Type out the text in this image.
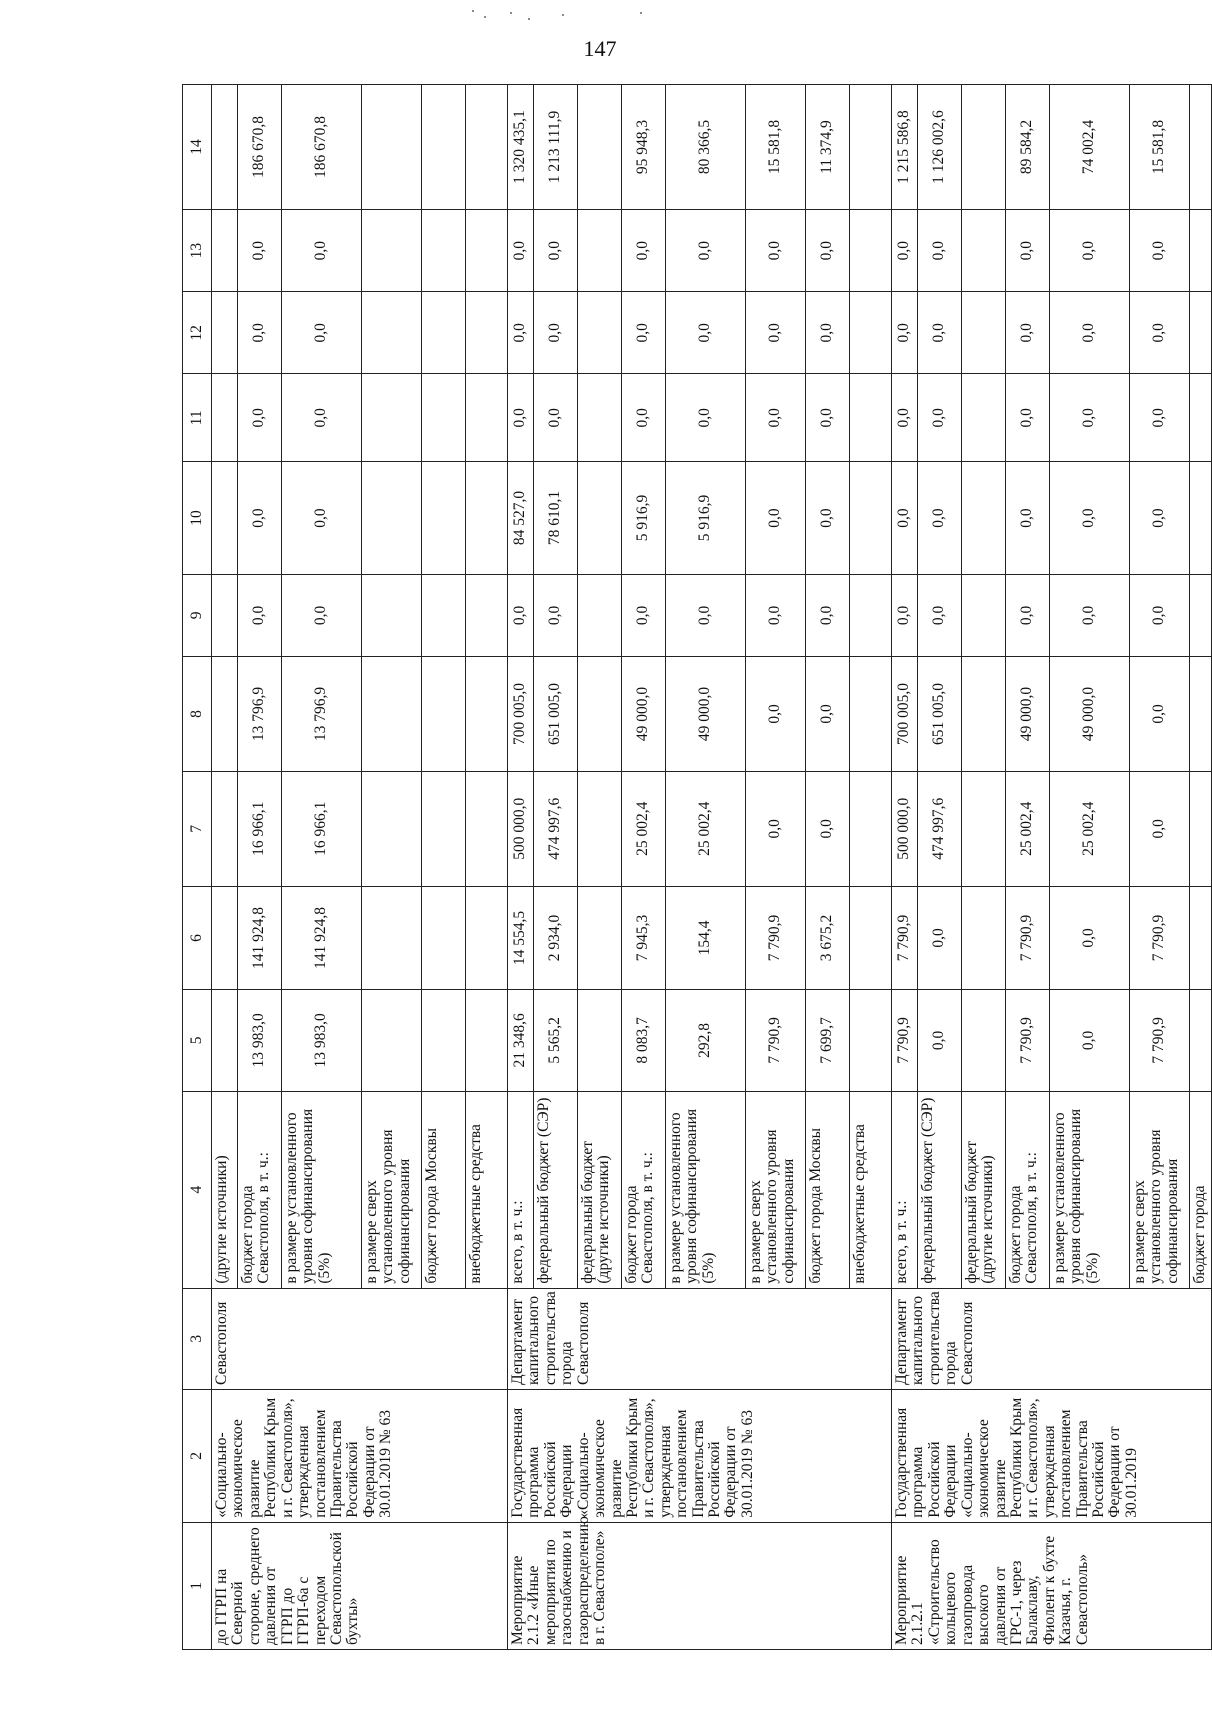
147
1	2	3	4	5	6	7	8	9	10	11	12	13	14
до ГГРП на Северной стороне, среднего давления от ГГРП до ГГРП-6а с переходом Севастопольской бухты»	«Социально-экономическое развитие Республики Крым и г. Севастополя», утвержденная постановлением Правительства Российской Федерации от 30.01.2019 № 63	Севастополя	(другие источники)										
			бюджет города Севастополя, в т. ч.:	13 983,0	141 924,8	16 966,1	13 796,9	0,0	0,0	0,0	0,0	0,0	186 670,8
			в размере установленного уровня софинансирования (5%)	13 983,0	141 924,8	16 966,1	13 796,9	0,0	0,0	0,0	0,0	0,0	186 670,8
			в размере сверх установленного уровня софинансирования										
			бюджет города Москвы										
			внебюджетные средства										
Мероприятие 2.1.2 «Иные мероприятия по газоснабжению и газораспределению в г. Севастополе»	Государственная программа Российской Федерации «Социально-экономическое развитие Республики Крым и г. Севастополя», утвержденная постановлением Правительства Российской Федерации от 30.01.2019 № 63	Департамент капитального строительства города Севастополя	всего, в т. ч.:	21 348,6	14 554,5	500 000,0	700 005,0	0,0	84 527,0	0,0	0,0	0,0	1 320 435,1
			федеральный бюджет (СЭР)	5 565,2	2 934,0	474 997,6	651 005,0	0,0	78 610,1	0,0	0,0	0,0	1 213 111,9
			федеральный бюджет (другие источники)										
			бюджет города Севастополя, в т. ч.:	8 083,7	7 945,3	25 002,4	49 000,0	0,0	5 916,9	0,0	0,0	0,0	95 948,3
			в размере установленного уровня софинансирования (5%)	292,8	154,4	25 002,4	49 000,0	0,0	5 916,9	0,0	0,0	0,0	80 366,5
			в размере сверх установленного уровня софинансирования	7 790,9	7 790,9	0,0	0,0	0,0	0,0	0,0	0,0	0,0	15 581,8
			бюджет города Москвы	7 699,7	3 675,2	0,0	0,0	0,0	0,0	0,0	0,0	0,0	11 374,9
			внебюджетные средства										
Мероприятие 2.1.2.1 «Строительство кольцевого газопровода высокого давления от ГРС-1, через Балаклаву, Фиолент к бухте Казачья, г. Севастополь»	Государственная программа Российской Федерации «Социально-экономическое развитие Республики Крым и г. Севастополя», утвержденная постановлением Правительства Российской Федерации от 30.01.2019	Департамент капитального строительства города Севастополя	всего, в т. ч.:	7 790,9	7 790,9	500 000,0	700 005,0	0,0	0,0	0,0	0,0	0,0	1 215 586,8
			федеральный бюджет (СЭР)	0,0	0,0	474 997,6	651 005,0	0,0	0,0	0,0	0,0	0,0	1 126 002,6
			федеральный бюджет (другие источники)										
			бюджет города Севастополя, в т. ч.:	7 790,9	7 790,9	25 002,4	49 000,0	0,0	0,0	0,0	0,0	0,0	89 584,2
			в размере установленного уровня софинансирования (5%)	0,0	0,0	25 002,4	49 000,0	0,0	0,0	0,0	0,0	0,0	74 002,4
			в размере сверх установленного уровня софинансирования	7 790,9	7 790,9	0,0	0,0	0,0	0,0	0,0	0,0	0,0	15 581,8
			бюджет города										
